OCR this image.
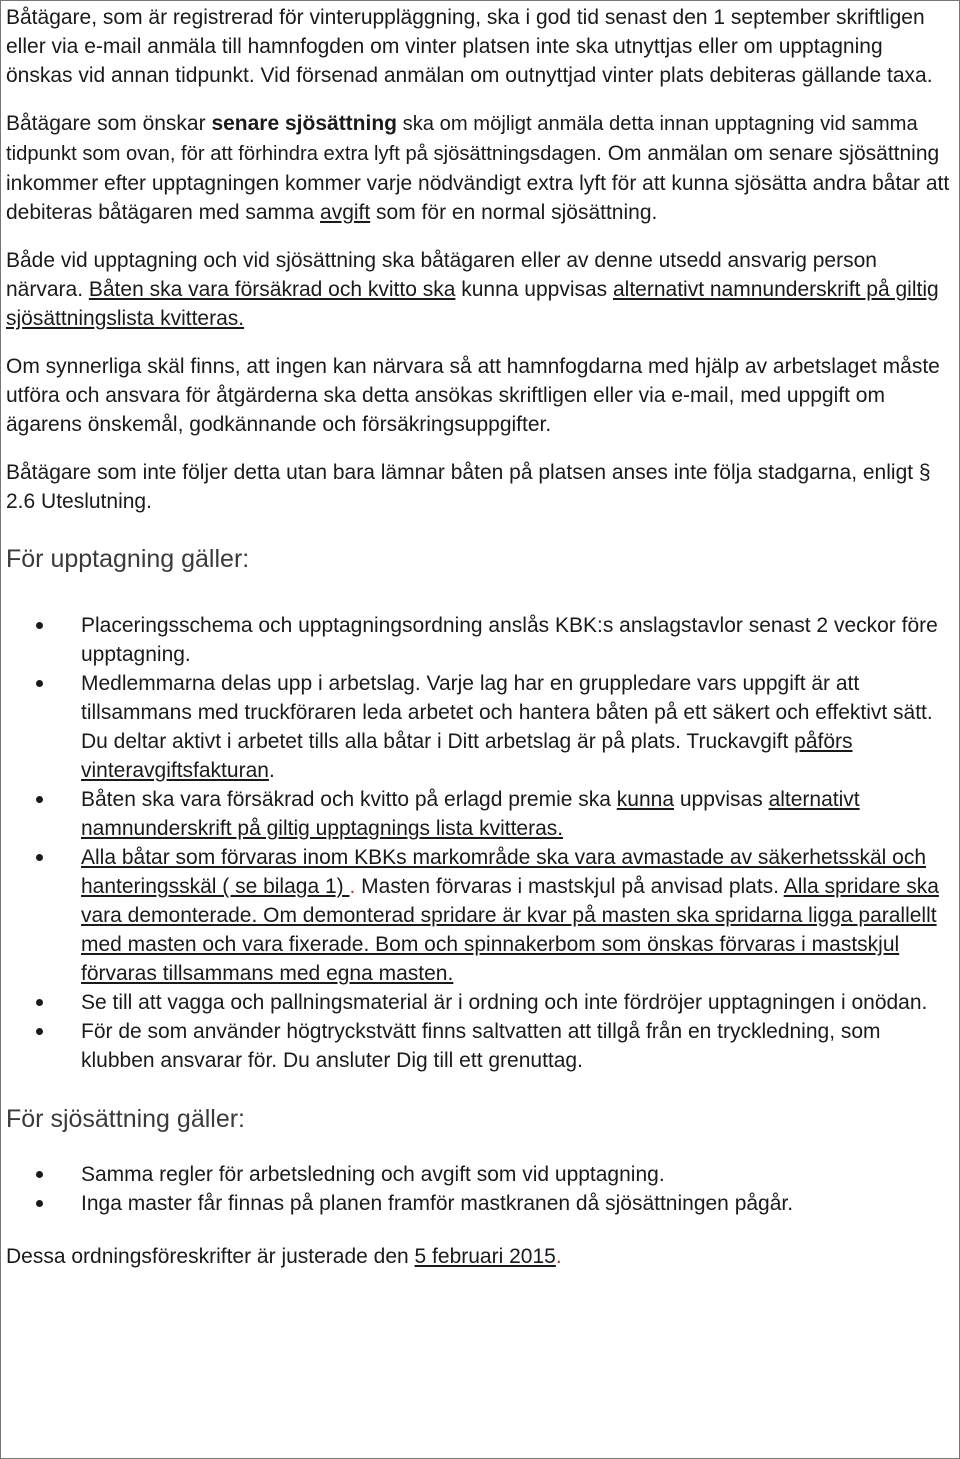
Båtägare, som är registrerad för vinteruppläggning, ska i god tid senast den 1 september skriftligen eller via e-mail anmäla till hamnfogden om vinter platsen inte ska utnyttjas eller om upptagning önskas vid annan tidpunkt. Vid försenad anmälan om outnyttjad vinter plats debiteras gällande taxa.

Båtägare som önskar senare sjösättning ska om möjligt anmäla detta innan upptagning vid samma tidpunkt som ovan, för att förhindra extra lyft på sjösättningsdagen. Om anmälan om senare sjösättning inkommer efter upptagningen kommer varje nödvändigt extra lyft för att kunna sjösätta andra båtar att debiteras båtägaren med samma avgift som för en normal sjösättning.

Både vid upptagning och vid sjösättning ska båtägaren eller av denne utsedd ansvarig person närvara. Båten ska vara försäkrad och kvitto ska kunna uppvisas alternativt namnunderskrift på giltig sjösättningslista kvitteras.

Om synnerliga skäl finns, att ingen kan närvara så att hamnfogdarna med hjälp av arbetslaget måste utföra och ansvara för åtgärderna ska detta ansökas skriftligen eller via e-mail, med uppgift om ägarens önskemål, godkännande och försäkringsuppgifter.

Båtägare som inte följer detta utan bara lämnar båten på platsen anses inte följa stadgarna, enligt § 2.6 Uteslutning.

För upptagning gäller:
Placeringsschema och upptagningsordning anslås KBK:s anslagstavlor senast 2 veckor före upptagning.
Medlemmarna delas upp i arbetslag. Varje lag har en gruppledare vars uppgift är att tillsammans med truckföraren leda arbetet och hantera båten på ett säkert och effektivt sätt. Du deltar aktivt i arbetet tills alla båtar i Ditt arbetslag är på plats. Truckavgift påförs vinteravgiftsfakturan.
Båten ska vara försäkrad och kvitto på erlagd premie ska kunna uppvisas alternativt namnunderskrift på giltig upptagnings lista kvitteras.
Alla båtar som förvaras inom KBKs markområde ska vara avmastade av säkerhetsskäl och hanteringsskäl ( se bilaga 1) . Masten förvaras i mastskjul på anvisad plats. Alla spridare ska vara demonterade. Om demonterad spridare är kvar på masten ska spridarna ligga parallellt med masten och vara fixerade. Bom och spinnakerbom som önskas förvaras i mastskjul förvaras tillsammans med egna masten.
Se till att vagga och pallningsmaterial är i ordning och inte fördröjer upptagningen i onödan.
För de som använder högtryckstvätt finns saltvatten att tillgå från en tryckledning, som klubben ansvarar för. Du ansluter Dig till ett grenuttag.
För sjösättning gäller:
Samma regler för arbetsledning och avgift som vid upptagning.
Inga master får finnas på planen framför mastkranen då sjösättningen pågår.

Dessa ordningsföreskrifter är justerade den 5 februari 2015.
